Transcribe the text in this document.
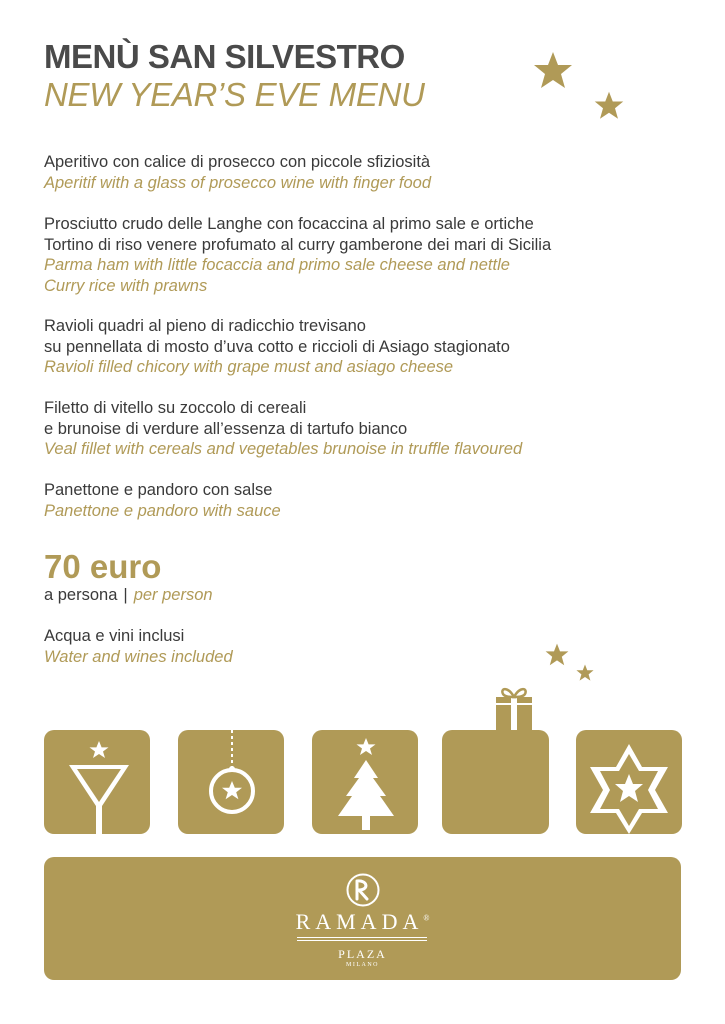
MENÙ SAN SILVESTRO
NEW YEAR’S EVE MENU
Aperitivo con calice di prosecco con piccole sfiziosità
Aperitif with a glass of prosecco wine with finger food
Prosciutto crudo delle Langhe con focaccina al primo sale e ortiche
Tortino di riso venere profumato al curry gamberone dei mari di Sicilia
Parma ham with little focaccia and primo sale cheese and nettle
Curry rice with prawns
Ravioli quadri al pieno di radicchio trevisano
su pennellata di mosto d’uva cotto e riccioli di Asiago stagionato
Ravioli filled chicory with grape must and asiago cheese
Filetto di vitello su zoccolo di cereali
e brunoise di verdure all’essenza di tartufo bianco
Veal fillet with cereals and vegetables brunoise in truffle flavoured
Panettone e pandoro con salse
Panettone e pandoro with sauce
70 euro
a persona | per person
Acqua e vini inclusi
Water and wines included
RAMADA®
PLAZA
MILANO
